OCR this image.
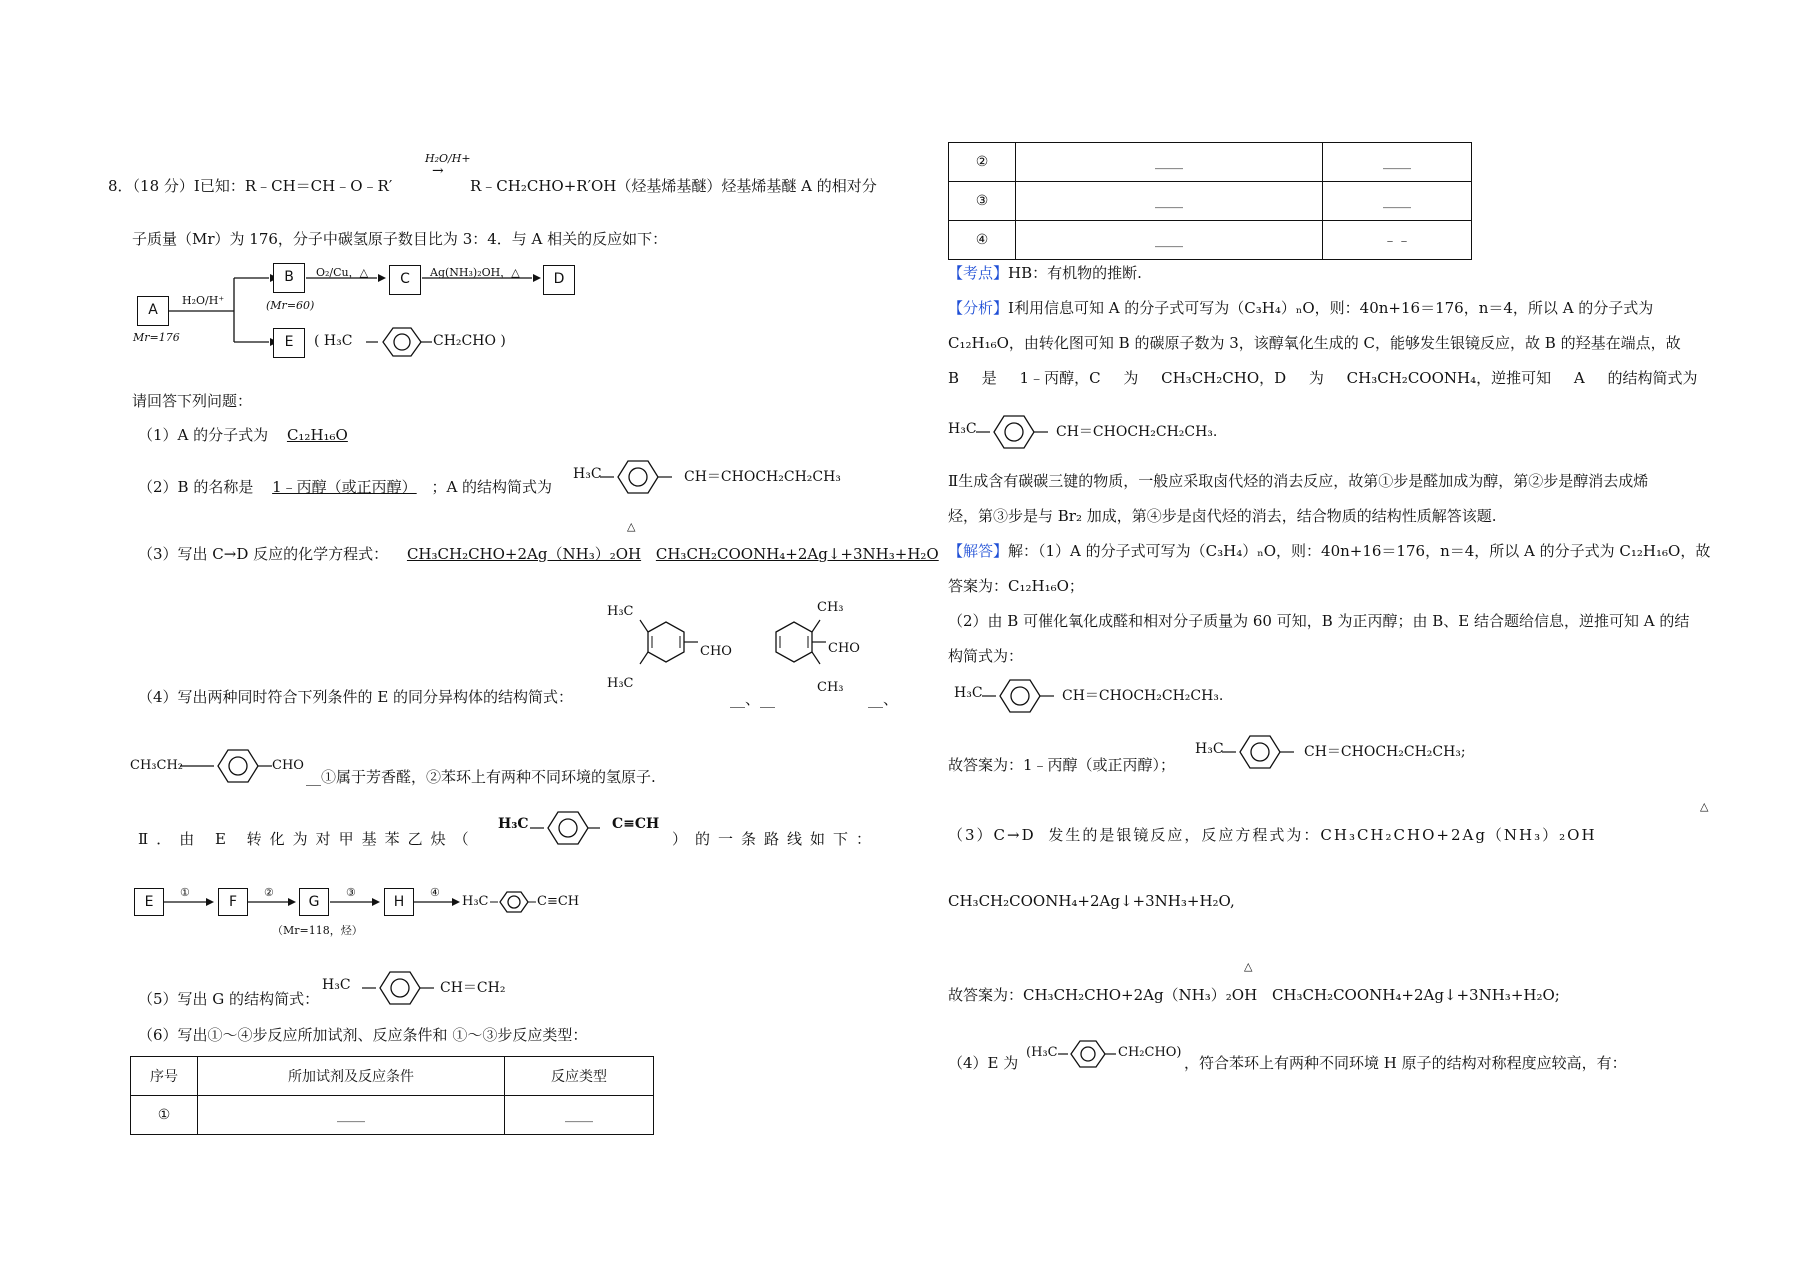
8．（18 分）Ⅰ已知：R﹣CH＝CH﹣O﹣R′
H₂O/H+
→
R﹣CH₂CHO+R′OH（烃基烯基醚）烃基烯基醚 A 的相对分
子质量（Mr）为 176，分子中碳氢原子数目比为 3：4．与 A 相关的反应如下：
A
Mr=176
H₂O/H⁺
B
(Mr=60)
O₂/Cu，△	C	Ag(NH₃)₂OH，△	D
E	( H₃C	CH₂CHO )
请回答下列问题：
（1）A 的分子式为 C₁₂H₁₆O
（2）B 的名称是 1﹣丙醇（或正丙醇） ；A 的结构简式为
H₃C	CH＝CHOCH₂CH₂CH₃
（3）写出 C→D 反应的化学方程式： CH₃CH₂CHO+2Ag（NH₃）₂OH CH₃CH₂COONH₄+2Ag↓+3NH₃+H₂O
△
H₃C
H₃C
CHO
CH₃
CH₃
CHO
（4）写出两种同时符合下列条件的 E 的同分异构体的结构简式：	__、__	__、
CH₃CH₂	CHO
__①属于芳香醛，②苯环上有两种不同环境的氢原子.
Ⅱ．由 E 转化为对甲基苯乙炔（
H₃C	C≡CH
）的一条路线如下：
E	F	G	H
①	②	③	④
（Mr=118，烃）
H₃C	C≡CH
（5）写出 G 的结构简式：
H₃C	CH＝CH₂
（6）写出①～④步反应所加试剂、反应条件和 ①～③步反应类型：
序号	所加试剂及反应条件	反应类型
①	____	____
②	____	____
③	____	____
④	____	﹣﹣
【考点】HB：有机物的推断.
【分析】Ⅰ利用信息可知 A 的分子式可写为（C₃H₄）ₙO，则：40n+16＝176，n＝4，所以 A 的分子式为
C₁₂H₁₆O，由转化图可知 B 的碳原子数为 3，该醇氧化生成的 C，能够发生银镜反应，故 B 的羟基在端点，故
B 是 1﹣丙醇，C 为 CH₃CH₂CHO，D 为 CH₃CH₂COONH₄，逆推可知 A 的结构简式为
H₃C	CH＝CHOCH₂CH₂CH₃.
Ⅱ生成含有碳碳三键的物质，一般应采取卤代烃的消去反应，故第①步是醛加成为醇，第②步是醇消去成烯
烃，第③步是与 Br₂ 加成，第④步是卤代烃的消去，结合物质的结构性质解答该题.
【解答】解：（1）A 的分子式可写为（C₃H₄）ₙO，则：40n+16＝176，n＝4，所以 A 的分子式为 C₁₂H₁₆O，故
答案为：C₁₂H₁₆O；
（2）由 B 可催化氧化成醛和相对分子质量为 60 可知，B 为正丙醇；由 B、E 结合题给信息，逆推可知 A 的结
构简式为：
H₃C	CH＝CHOCH₂CH₂CH₃.
故答案为：1﹣丙醇（或正丙醇）；
H₃C	CH＝CHOCH₂CH₂CH₃;
（3）C→D 发生的是银镜反应，反应方程式为：CH₃CH₂CHO+2Ag（NH₃）₂OH
△
CH₃CH₂COONH₄+2Ag↓+3NH₃+H₂O,
故答案为：CH₃CH₂CHO+2Ag（NH₃）₂OH CH₃CH₂COONH₄+2Ag↓+3NH₃+H₂O;
△
（4）E 为
(H₃C	CH₂CHO)
，符合苯环上有两种不同环境 H 原子的结构对称程度应较高，有：
